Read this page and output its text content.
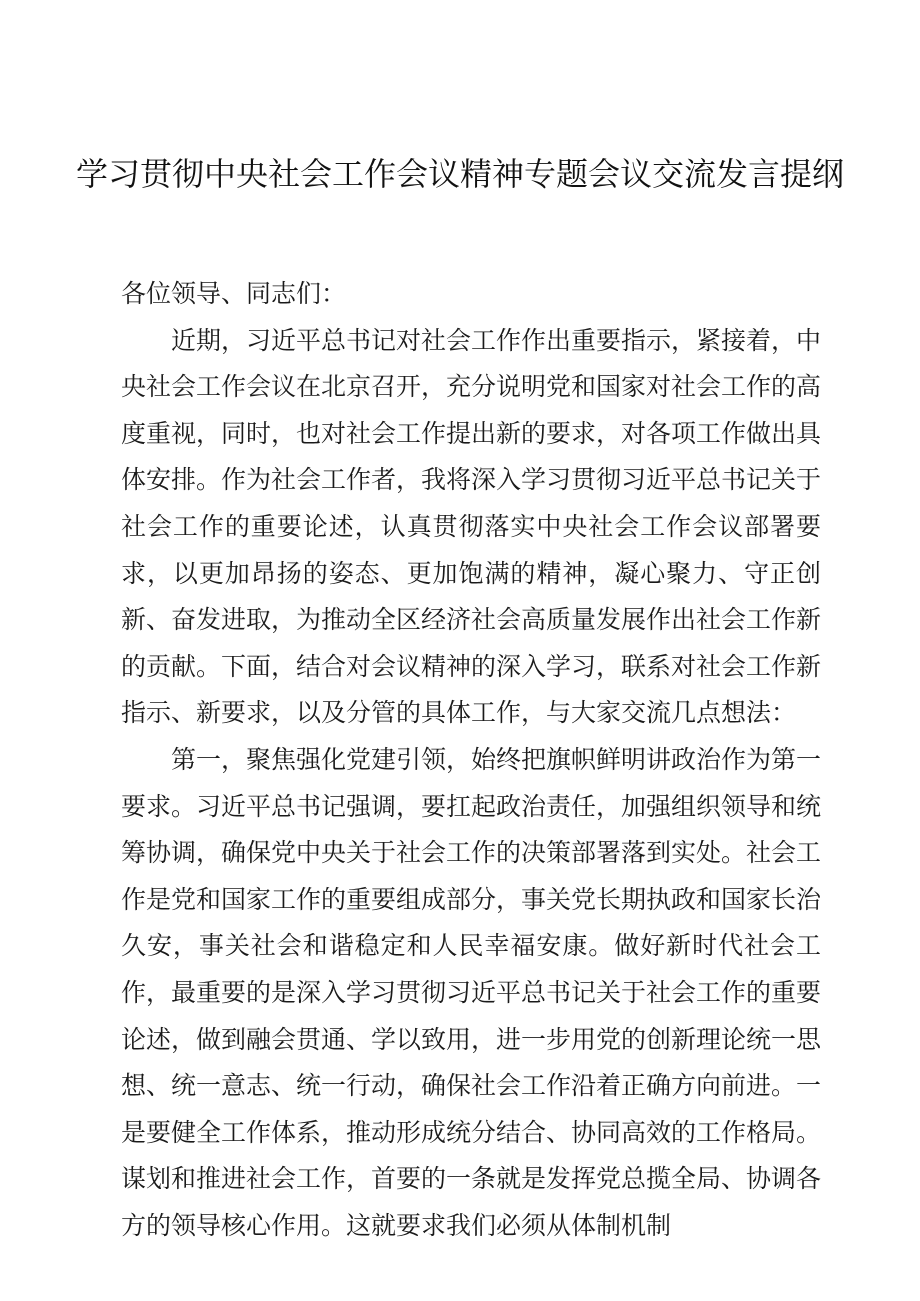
学习贯彻中央社会工作会议精神专题会议交流发言提纲

各位领导、同志们：

近期，习近平总书记对社会工作作出重要指示，紧接着，中央社会工作会议在北京召开，充分说明党和国家对社会工作的高度重视，同时，也对社会工作提出新的要求，对各项工作做出具体安排。作为社会工作者，我将深入学习贯彻习近平总书记关于社会工作的重要论述，认真贯彻落实中央社会工作会议部署要求，以更加昂扬的姿态、更加饱满的精神，凝心聚力、守正创新、奋发进取，为推动全区经济社会高质量发展作出社会工作新的贡献。下面，结合对会议精神的深入学习，联系对社会工作新指示、新要求，以及分管的具体工作，与大家交流几点想法：

第一，聚焦强化党建引领，始终把旗帜鲜明讲政治作为第一要求。习近平总书记强调，要扛起政治责任，加强组织领导和统筹协调，确保党中央关于社会工作的决策部署落到实处。社会工作是党和国家工作的重要组成部分，事关党长期执政和国家长治久安，事关社会和谐稳定和人民幸福安康。做好新时代社会工作，最重要的是深入学习贯彻习近平总书记关于社会工作的重要论述，做到融会贯通、学以致用，进一步用党的创新理论统一思想、统一意志、统一行动，确保社会工作沿着正确方向前进。一是要健全工作体系，推动形成统分结合、协同高效的工作格局。谋划和推进社会工作，首要的一条就是发挥党总揽全局、协调各方的领导核心作用。这就要求我们必须从体制机制
